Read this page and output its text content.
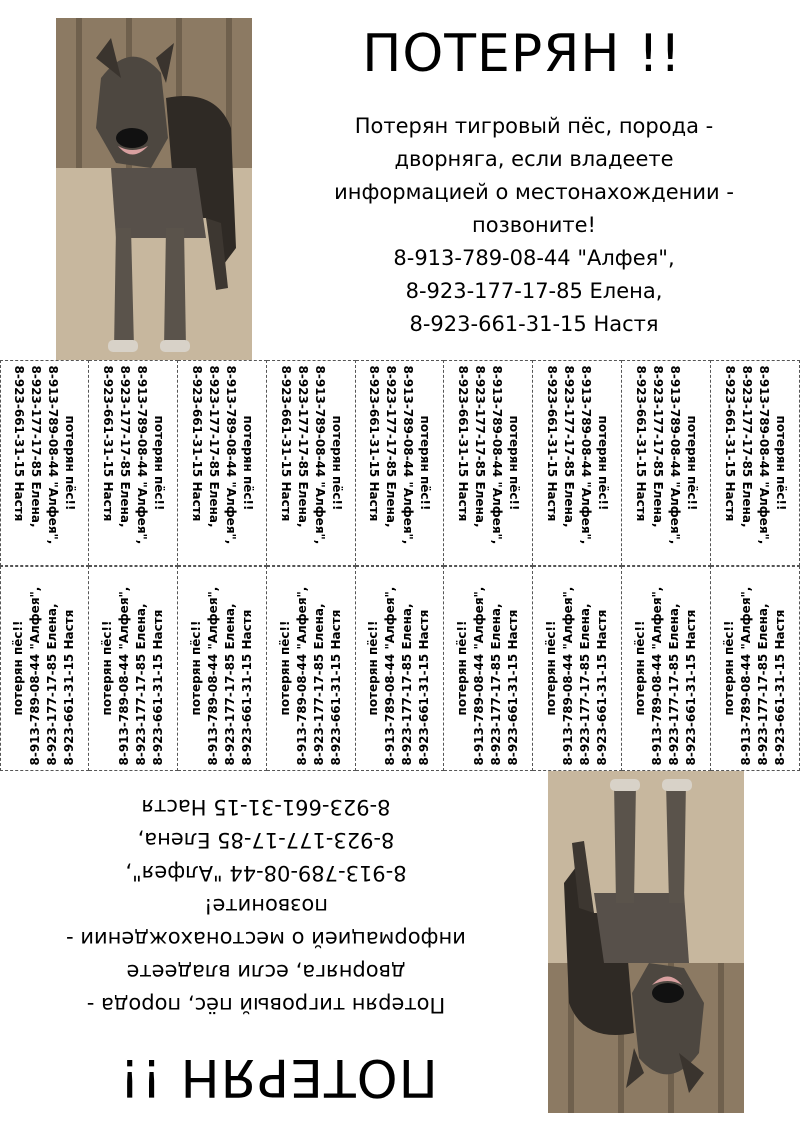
ПОТЕРЯН !!
Потерян тигровый пёс, порода -
дворняга, если владеете
информацией о местонахождении -
позвоните!
8-913-789-08-44 "Алфея",
8-923-177-17-85 Елена,
8-923-661-31-15 Настя
потерян пёс!!
8-913-789-08-44 "Алфея",
8-923-177-17-85 Елена,
8-923-661-31-15 Настя	потерян пёс!!
8-913-789-08-44 "Алфея",
8-923-177-17-85 Елена,
8-923-661-31-15 Настя	потерян пёс!!
8-913-789-08-44 "Алфея",
8-923-177-17-85 Елена,
8-923-661-31-15 Настя	потерян пёс!!
8-913-789-08-44 "Алфея",
8-923-177-17-85 Елена,
8-923-661-31-15 Настя	потерян пёс!!
8-913-789-08-44 "Алфея",
8-923-177-17-85 Елена,
8-923-661-31-15 Настя	потерян пёс!!
8-913-789-08-44 "Алфея",
8-923-177-17-85 Елена,
8-923-661-31-15 Настя	потерян пёс!!
8-913-789-08-44 "Алфея",
8-923-177-17-85 Елена,
8-923-661-31-15 Настя	потерян пёс!!
8-913-789-08-44 "Алфея",
8-923-177-17-85 Елена,
8-923-661-31-15 Настя	потерян пёс!!
8-913-789-08-44 "Алфея",
8-923-177-17-85 Елена,
8-923-661-31-15 Настя
потерян пёс!! 8-913-789-08-44 "Алфея", 8-923-177-17-85 Елена, 8-923-661-31-15 Настя потерян пёс!! 8-913-789-08-44 "Алфея", 8-923-177-17-85 Елена, 8-923-661-31-15 Настя потерян пёс!! 8-913-789-08-44 "Алфея", 8-923-177-17-85 Елена, 8-923-661-31-15 Настя потерян пёс!! 8-913-789-08-44 "Алфея", 8-923-177-17-85 Елена, 8-923-661-31-15 Настя потерян пёс!! 8-913-789-08-44 "Алфея", 8-923-177-17-85 Елена, 8-923-661-31-15 Настя потерян пёс!! 8-913-789-08-44 "Алфея", 8-923-177-17-85 Елена, 8-923-661-31-15 Настя потерян пёс!! 8-913-789-08-44 "Алфея", 8-923-177-17-85 Елена, 8-923-661-31-15 Настя потерян пёс!! 8-913-789-08-44 "Алфея", 8-923-177-17-85 Елена, 8-923-661-31-15 Настя потерян пёс!! 8-913-789-08-44 "Алфея", 8-923-177-17-85 Елена, 8-923-661-31-15 Настя
ПОТЕРЯН !!
Потерян тигровый пёс, порода -
дворняга, если владеете
информацией о местонахождении -
позвоните!
8-913-789-08-44 "Алфея",
8-923-177-17-85 Елена,
8-923-661-31-15 Настя
